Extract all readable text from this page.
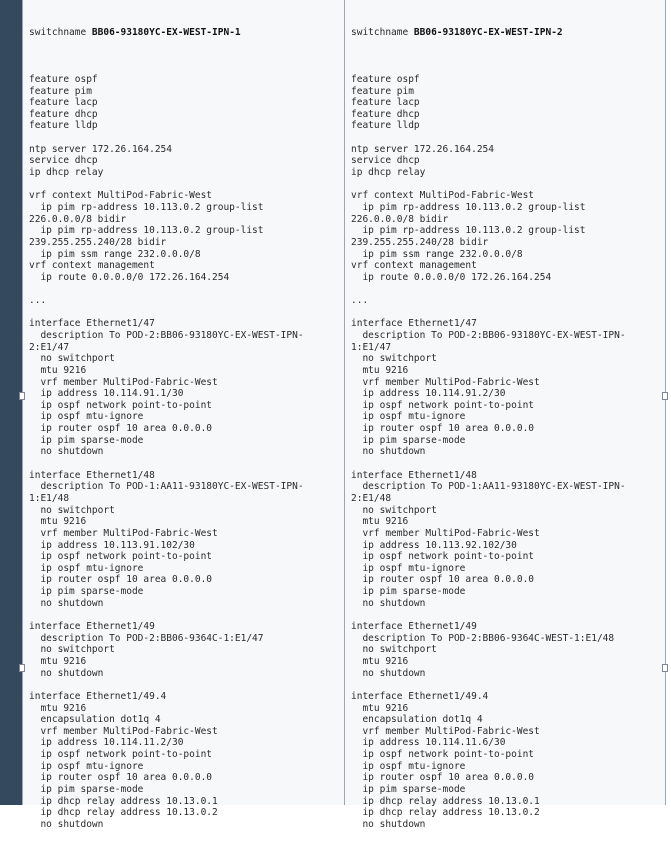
switchname BB06-93180YC-EX-WEST-IPN-1

feature ospf
feature pim
feature lacp
feature dhcp
feature lldp
ntp server 172.26.164.254
service dhcp
ip dhcp relay
vrf context MultiPod-Fabric-West
ip pim rp-address 10.113.0.2 group-list
226.0.0.0/8 bidir
ip pim rp-address 10.113.0.2 group-list
239.255.255.240/28 bidir
ip pim ssm range 232.0.0.0/8
vrf context management
ip route 0.0.0.0/0 172.26.164.254
...
interface Ethernet1/47
description To POD-2:BB06-93180YC-EX-WEST-IPN-
2:E1/47
no switchport
mtu 9216
vrf member MultiPod-Fabric-West
ip address 10.114.91.1/30
ip ospf network point-to-point
ip ospf mtu-ignore
ip router ospf 10 area 0.0.0.0
ip pim sparse-mode
no shutdown
interface Ethernet1/48
description To POD-1:AA11-93180YC-EX-WEST-IPN-
1:E1/48
no switchport
mtu 9216
vrf member MultiPod-Fabric-West
ip address 10.113.91.102/30
ip ospf network point-to-point
ip ospf mtu-ignore
ip router ospf 10 area 0.0.0.0
ip pim sparse-mode
no shutdown
interface Ethernet1/49
description To POD-2:BB06-9364C-1:E1/47
no switchport
mtu 9216
no shutdown
interface Ethernet1/49.4
mtu 9216
encapsulation dot1q 4
vrf member MultiPod-Fabric-West
ip address 10.114.11.2/30
ip ospf network point-to-point
ip ospf mtu-ignore
ip router ospf 10 area 0.0.0.0
ip pim sparse-mode
ip dhcp relay address 10.13.0.1
ip dhcp relay address 10.13.0.2
no shutdown

switchname BB06-93180YC-EX-WEST-IPN-2

feature ospf
feature pim
feature lacp
feature dhcp
feature lldp
ntp server 172.26.164.254
service dhcp
ip dhcp relay
vrf context MultiPod-Fabric-West
ip pim rp-address 10.113.0.2 group-list
226.0.0.0/8 bidir
ip pim rp-address 10.113.0.2 group-list
239.255.255.240/28 bidir
ip pim ssm range 232.0.0.0/8
vrf context management
ip route 0.0.0.0/0 172.26.164.254
...
interface Ethernet1/47
description To POD-2:BB06-93180YC-EX-WEST-IPN-
1:E1/47
no switchport
mtu 9216
vrf member MultiPod-Fabric-West
ip address 10.114.91.2/30
ip ospf network point-to-point
ip ospf mtu-ignore
ip router ospf 10 area 0.0.0.0
ip pim sparse-mode
no shutdown
interface Ethernet1/48
description To POD-1:AA11-93180YC-EX-WEST-IPN-
2:E1/48
no switchport
mtu 9216
vrf member MultiPod-Fabric-West
ip address 10.113.92.102/30
ip ospf network point-to-point
ip ospf mtu-ignore
ip router ospf 10 area 0.0.0.0
ip pim sparse-mode
no shutdown
interface Ethernet1/49
description To POD-2:BB06-9364C-WEST-1:E1/48
no switchport
mtu 9216
no shutdown
interface Ethernet1/49.4
mtu 9216
encapsulation dot1q 4
vrf member MultiPod-Fabric-West
ip address 10.114.11.6/30
ip ospf network point-to-point
ip ospf mtu-ignore
ip router ospf 10 area 0.0.0.0
ip pim sparse-mode
ip dhcp relay address 10.13.0.1
ip dhcp relay address 10.13.0.2
no shutdown
